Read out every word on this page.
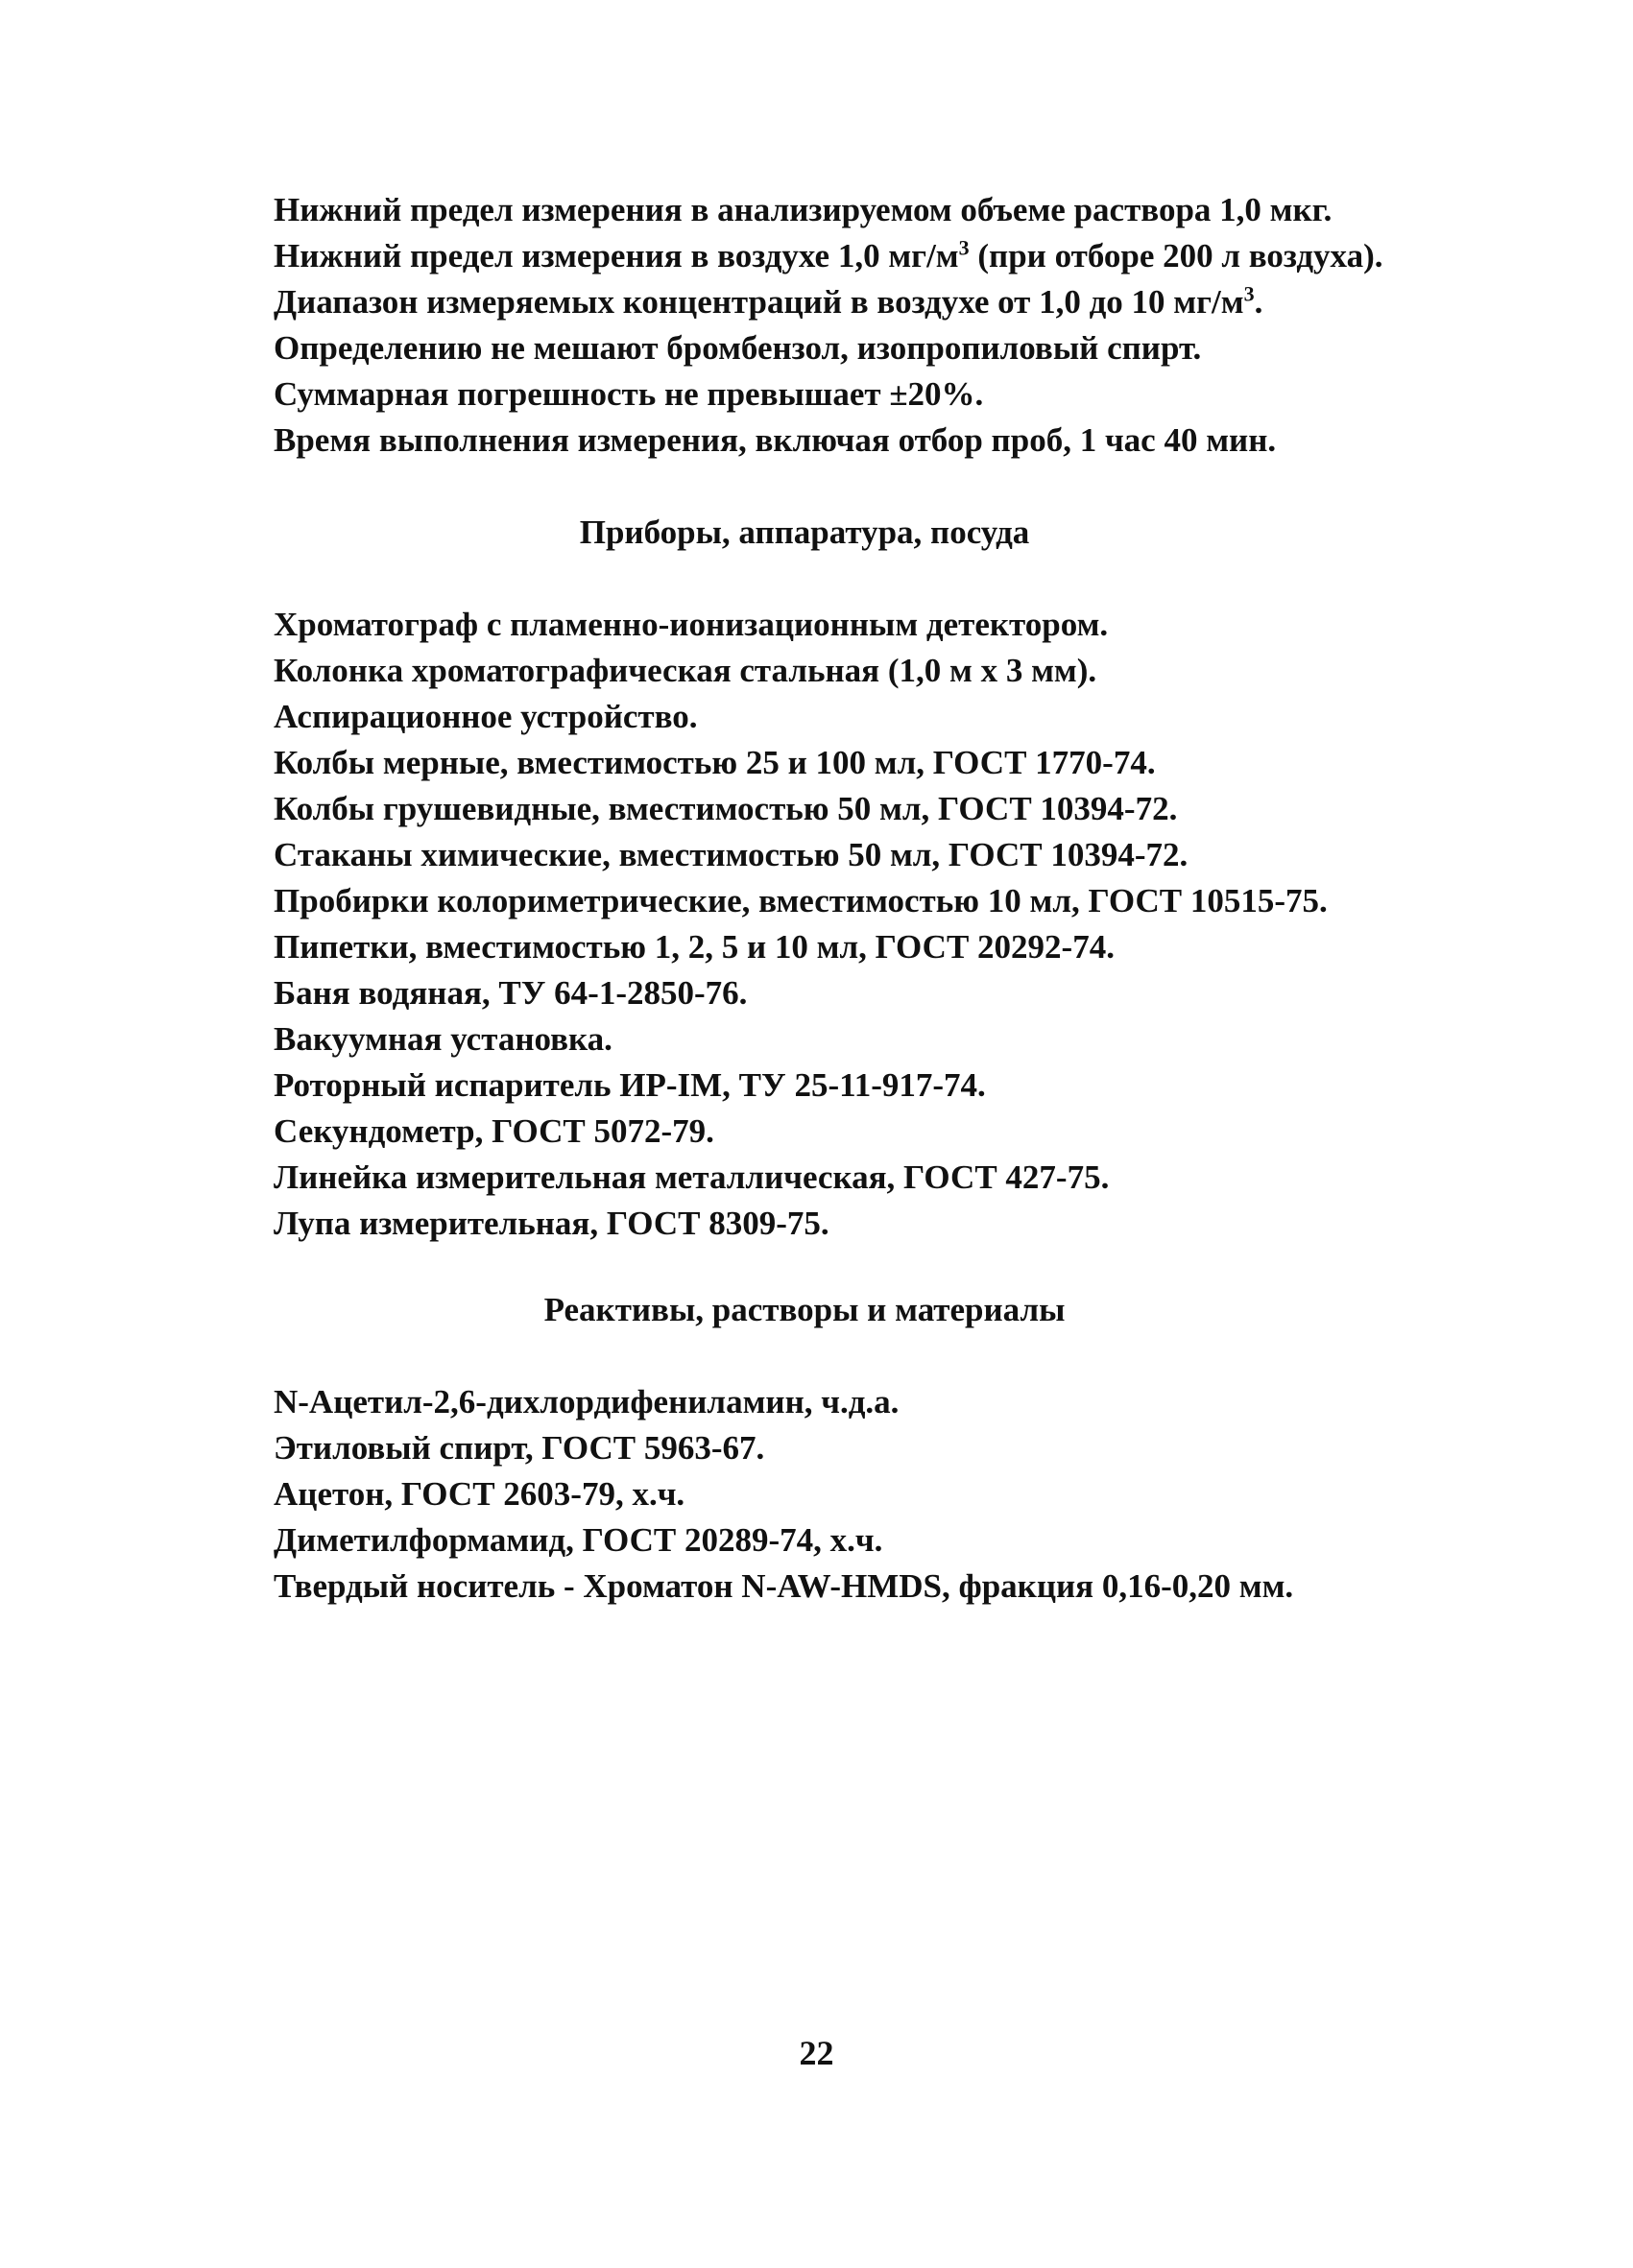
Нижний предел измерения в анализируемом объеме раствора 1,0 мкг.

Нижний предел измерения в воздухе 1,0 $мг/м^3$ (при отборе 200 л воздуха).

Диапазон измеряемых концентраций в воздухе от 1,0 до 10 $мг/м^3$.

Определению не мешают бромбензол, изопропиловый спирт.

Суммарная погрешность не превышает ±20%.

Время выполнения измерения, включая отбор проб, 1 час 40 мин.

Приборы, аппаратура, посуда

Хроматограф с пламенно-ионизационным детектором.

Колонка хроматографическая стальная (1,0 м х 3 мм).

Аспирационное устройство.

Колбы мерные, вместимостью 25 и 100 мл, ГОСТ 1770-74.

Колбы грушевидные, вместимостью 50 мл, ГОСТ 10394-72.

Стаканы химические, вместимостью 50 мл, ГОСТ 10394-72.

Пробирки колориметрические, вместимостью 10 мл, ГОСТ 10515-75.

Пипетки, вместимостью 1, 2, 5 и 10 мл, ГОСТ 20292-74.

Баня водяная, ТУ 64-1-2850-76.

Вакуумная установка.

Роторный испаритель ИР-IM, ТУ 25-11-917-74.

Секундометр, ГОСТ 5072-79.

Линейка измерительная металлическая, ГОСТ 427-75.

Лупа измерительная, ГОСТ 8309-75.

Реактивы, растворы и материалы

N-Ацетил-2,6-дихлордифениламин, ч.д.а.

Этиловый спирт, ГОСТ 5963-67.

Ацетон, ГОСТ 2603-79, х.ч.

Диметилформамид, ГОСТ 20289-74, х.ч.

Твердый носитель - Хроматон N-AW-HMDS, фракция 0,16-0,20 мм.

22
